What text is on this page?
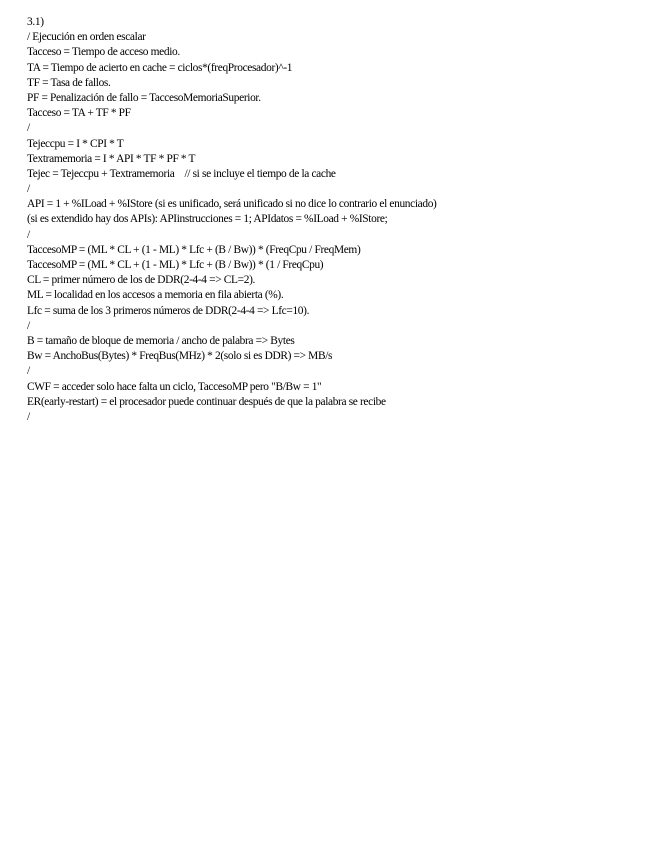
3.1)
/ Ejecución en orden escalar
Tacceso = Tiempo de acceso medio.
TA = Tiempo de acierto en cache = ciclos*(freqProcesador)^-1
TF = Tasa de fallos.
PF = Penalización de fallo = TaccesoMemoriaSuperior.
Tacceso = TA + TF * PF
/
Tejeccpu = I * CPI * T
Textramemoria = I * API * TF * PF * T
Tejec = Tejeccpu + Textramemoria    // si se incluye el tiempo de la cache
/
API = 1 + %ILoad + %IStore (si es unificado, será unificado si no dice lo contrario el enunciado)
(si es extendido hay dos APIs): APIinstrucciones = 1; APIdatos = %ILoad + %IStore;
/
TaccesoMP = (ML * CL + (1 - ML) * Lfc + (B / Bw)) * (FreqCpu / FreqMem)
TaccesoMP = (ML * CL + (1 - ML) * Lfc + (B / Bw)) * (1 / FreqCpu)
CL = primer número de los de DDR(2-4-4 => CL=2).
ML = localidad en los accesos a memoria en fila abierta (%).
Lfc = suma de los 3 primeros números de DDR(2-4-4 => Lfc=10).
/
B = tamaño de bloque de memoria / ancho de palabra => Bytes
Bw = AnchoBus(Bytes) * FreqBus(MHz) * 2(solo si es DDR) => MB/s
/
CWF = acceder solo hace falta un ciclo, TaccesoMP pero "B/Bw = 1"
ER(early-restart) = el procesador puede continuar después de que la palabra se recibe
/
